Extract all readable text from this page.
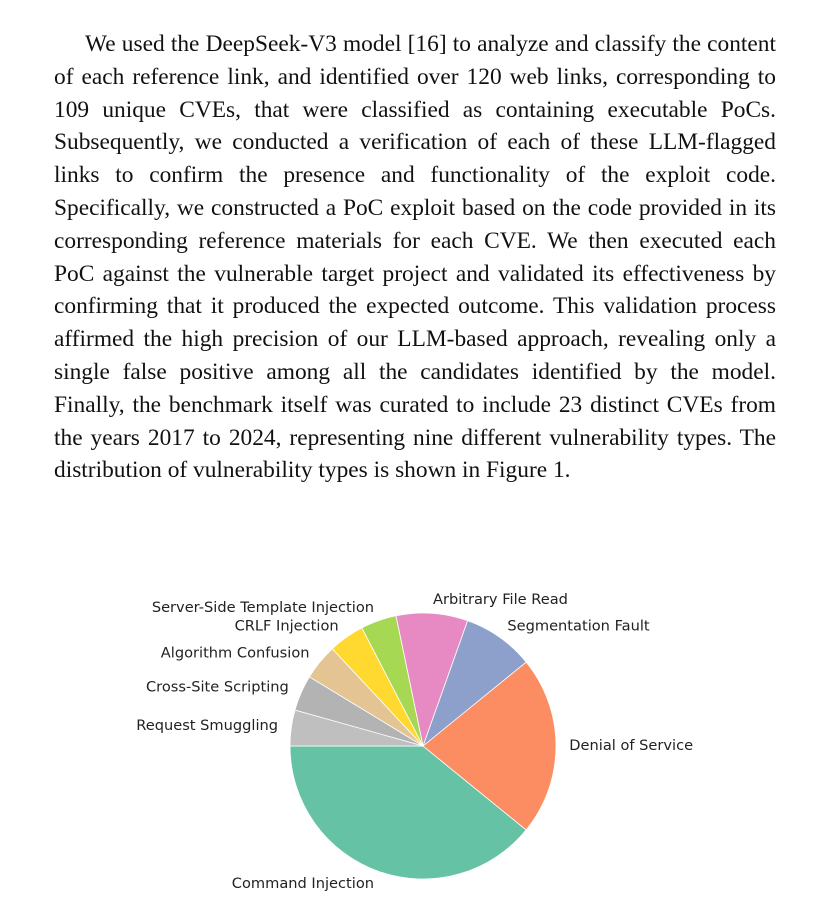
We used the DeepSeek-V3 model [16] to analyze and classify the content of each reference link, and identified over 120 web links, corresponding to 109 unique CVEs, that were classified as containing executable PoCs. Subsequently, we conducted a verification of each of these LLM-flagged links to confirm the presence and functionality of the exploit code. Specifically, we constructed a PoC exploit based on the code provided in its corresponding reference materials for each CVE. We then executed each PoC against the vulnerable target project and validated its effectiveness by confirming that it produced the expected outcome. This validation process affirmed the high precision of our LLM-based approach, revealing only a single false positive among all the candidates identified by the model. Finally, the benchmark itself was curated to include 23 distinct CVEs from the years 2017 to 2024, representing nine different vulnerability types. The distribution of vulnerability types is shown in Figure 1.

Command Injection
Denial of Service
Segmentation Fault
Arbitrary File Read
Server-Side Template Injection
CRLF Injection
Algorithm Confusion
Cross-Site Scripting
Request Smuggling
